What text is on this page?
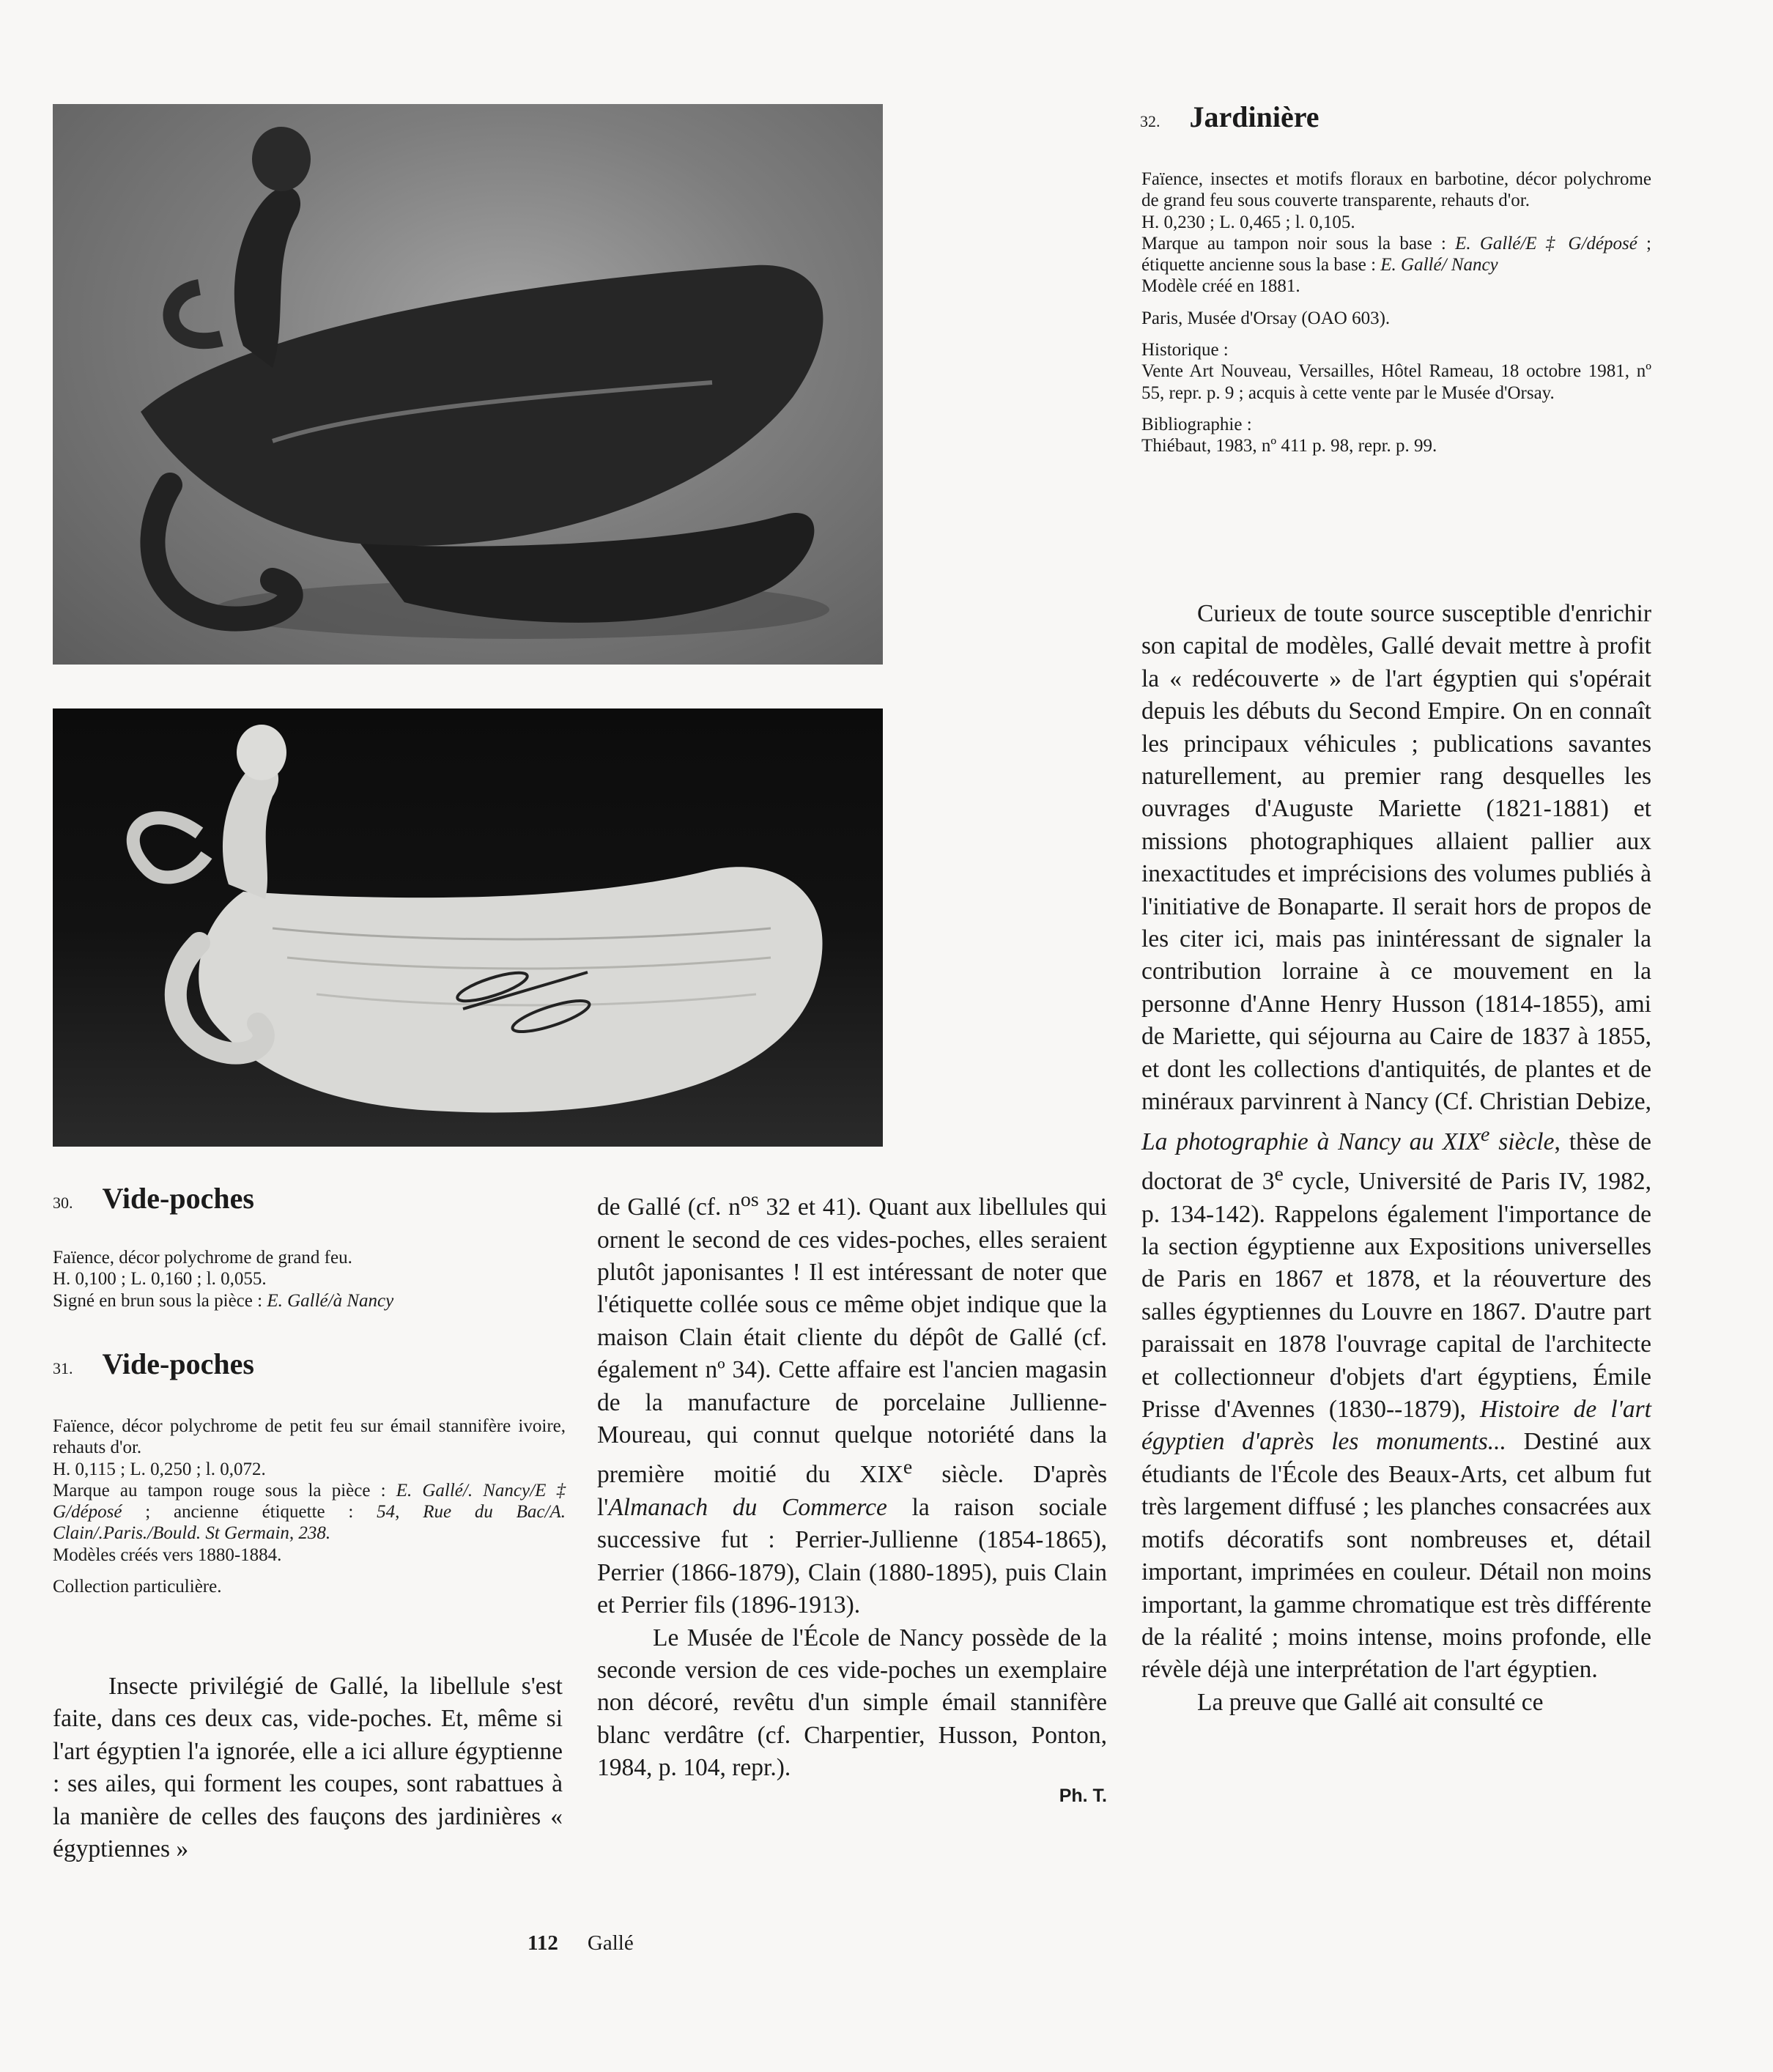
30. Vide-poches

Faïence, décor polychrome de grand feu.

H. 0,100 ; L. 0,160 ; l. 0,055.

Signé en brun sous la pièce : E. Gallé/à Nancy

31. Vide-poches

Faïence, décor polychrome de petit feu sur émail stannifère ivoire, rehauts d'or.

H. 0,115 ; L. 0,250 ; l. 0,072.

Marque au tampon rouge sous la pièce : E. Gallé/. Nancy/E ‡ G/déposé ; ancienne étiquette : 54, Rue du Bac/A. Clain/.Paris./Bould. St Germain, 238.

Modèles créés vers 1880-1884.

Collection particulière.

Insecte privilégié de Gallé, la libellule s'est faite, dans ces deux cas, vide-poches. Et, même si l'art égyptien l'a ignorée, elle a ici allure égyptienne : ses ailes, qui forment les coupes, sont rabattues à la manière de celles des fauçons des jardinières « égyptiennes »

de Gallé (cf. $n^{os}$ 32 et 41). Quant aux libellules qui ornent le second de ces vides-poches, elles seraient plutôt japonisantes ! Il est intéressant de noter que l'étiquette collée sous ce même objet indique que la maison Clain était cliente du dépôt de Gallé (cf. également nº 34). Cette affaire est l'ancien magasin de la manufacture de porcelaine Jullienne-Moureau, qui connut quelque notoriété dans la première moitié du XIXe siècle. D'après l'Almanach du Commerce la raison sociale successive fut : Perrier-Jullienne (1854-1865), Perrier (1866-1879), Clain (1880-1895), puis Clain et Perrier fils (1896-1913).

Le Musée de l'École de Nancy possède de la seconde version de ces vide-poches un exemplaire non décoré, revêtu d'un simple émail stannifère blanc verdâtre (cf. Charpentier, Husson, Ponton, 1984, p. 104, repr.).

Ph. T.
32. Jardinière

Faïence, insectes et motifs floraux en barbotine, décor polychrome de grand feu sous couverte transparente, rehauts d'or.

H. 0,230 ; L. 0,465 ; l. 0,105.

Marque au tampon noir sous la base : E. Gallé/E ‡ G/déposé ; étiquette ancienne sous la base : E. Gallé/ Nancy

Modèle créé en 1881.

Paris, Musée d'Orsay (OAO 603).

Historique :

Vente Art Nouveau, Versailles, Hôtel Rameau, 18 octobre 1981, nº 55, repr. p. 9 ; acquis à cette vente par le Musée d'Orsay.

Bibliographie :

Thiébaut, 1983, nº 411 p. 98, repr. p. 99.

Curieux de toute source susceptible d'enrichir son capital de modèles, Gallé devait mettre à profit la « redécouverte » de l'art égyptien qui s'opérait depuis les débuts du Second Empire. On en connaît les principaux véhicules ; publications savantes naturellement, au premier rang desquelles les ouvrages d'Auguste Mariette (1821-1881) et missions photographiques allaient pallier aux inexactitudes et imprécisions des volumes publiés à l'initiative de Bonaparte. Il serait hors de propos de les citer ici, mais pas inintéressant de signaler la contribution lorraine à ce mouvement en la personne d'Anne Henry Husson (1814-1855), ami de Mariette, qui séjourna au Caire de 1837 à 1855, et dont les collections d'antiquités, de plantes et de minéraux parvinrent à Nancy (Cf. Christian Debize, La photographie à Nancy au XIXe siècle, thèse de doctorat de 3e cycle, Université de Paris IV, 1982, p. 134-142). Rappelons également l'importance de la section égyptienne aux Expositions universelles de Paris en 1867 et 1878, et la réouverture des salles égyptiennes du Louvre en 1867. D'autre part paraissait en 1878 l'ouvrage capital de l'architecte et collectionneur d'objets d'art égyptiens, Émile Prisse d'Avennes (1830--1879), Histoire de l'art égyptien d'après les monuments... Destiné aux étudiants de l'École des Beaux-Arts, cet album fut très largement diffusé ; les planches consacrées aux motifs décoratifs sont nombreuses et, détail important, imprimées en couleur. Détail non moins important, la gamme chromatique est très différente de la réalité ; moins intense, moins profonde, elle révèle déjà une interprétation de l'art égyptien.

La preuve que Gallé ait consulté ce

112 Gallé
